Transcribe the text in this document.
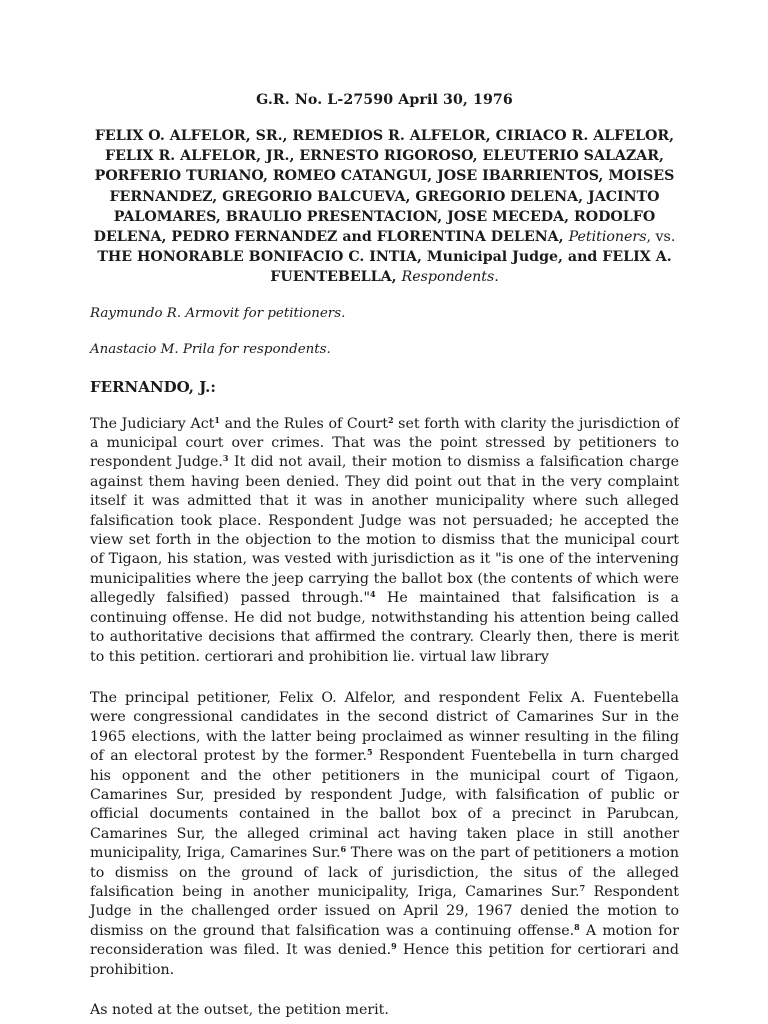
G.R. No. L-27590 April 30, 1976
FELIX O. ALFELOR, SR., REMEDIOS R. ALFELOR, CIRIACO R. ALFELOR, FELIX R. ALFELOR, JR., ERNESTO RIGOROSO, ELEUTERIO SALAZAR, PORFERIO TURIANO, ROMEO CATANGUI, JOSE IBARRIENTOS, MOISES FERNANDEZ, GREGORIO BALCUEVA, GREGORIO DELENA, JACINTO PALOMARES, BRAULIO PRESENTACION, JOSE MECEDA, RODOLFO DELENA, PEDRO FERNANDEZ and FLORENTINA DELENA, Petitioners, vs. THE HONORABLE BONIFACIO C. INTIA, Municipal Judge, and FELIX A. FUENTEBELLA, Respondents.
Raymundo R. Armovit for petitioners.
Anastacio M. Prila for respondents.
FERNANDO, J.:
The Judiciary Act$^1$ and the Rules of Court$^2$ set forth with clarity the jurisdiction of a municipal court over crimes. That was the point stressed by petitioners to respondent Judge.$^3$ It did not avail, their motion to dismiss a falsification charge against them having been denied. They did point out that in the very complaint itself it was admitted that it was in another municipality where such alleged falsification took place. Respondent Judge was not persuaded; he accepted the view set forth in the objection to the motion to dismiss that the municipal court of Tigaon, his station, was vested with jurisdiction as it "is one of the intervening municipalities where the jeep carrying the ballot box (the contents of which were allegedly falsified) passed through."$^4$ He maintained that falsification is a continuing offense. He did not budge, notwithstanding his attention being called to authoritative decisions that affirmed the contrary. Clearly then, there is merit to this petition. certiorari and prohibition lie. virtual law library
The principal petitioner, Felix O. Alfelor, and respondent Felix A. Fuentebella were congressional candidates in the second district of Camarines Sur in the 1965 elections, with the latter being proclaimed as winner resulting in the filing of an electoral protest by the former.$^5$ Respondent Fuentebella in turn charged his opponent and the other petitioners in the municipal court of Tigaon, Camarines Sur, presided by respondent Judge, with falsification of public or official documents contained in the ballot box of a precinct in Parubcan, Camarines Sur, the alleged criminal act having taken place in still another municipality, Iriga, Camarines Sur.$^6$ There was on the part of petitioners a motion to dismiss on the ground of lack of jurisdiction, the situs of the alleged falsification being in another municipality, Iriga, Camarines Sur.$^7$ Respondent Judge in the challenged order issued on April 29, 1967 denied the motion to dismiss on the ground that falsification was a continuing offense.$^8$ A motion for reconsideration was filed. It was denied.$^9$ Hence this petition for certiorari and prohibition.
As noted at the outset, the petition merit.
